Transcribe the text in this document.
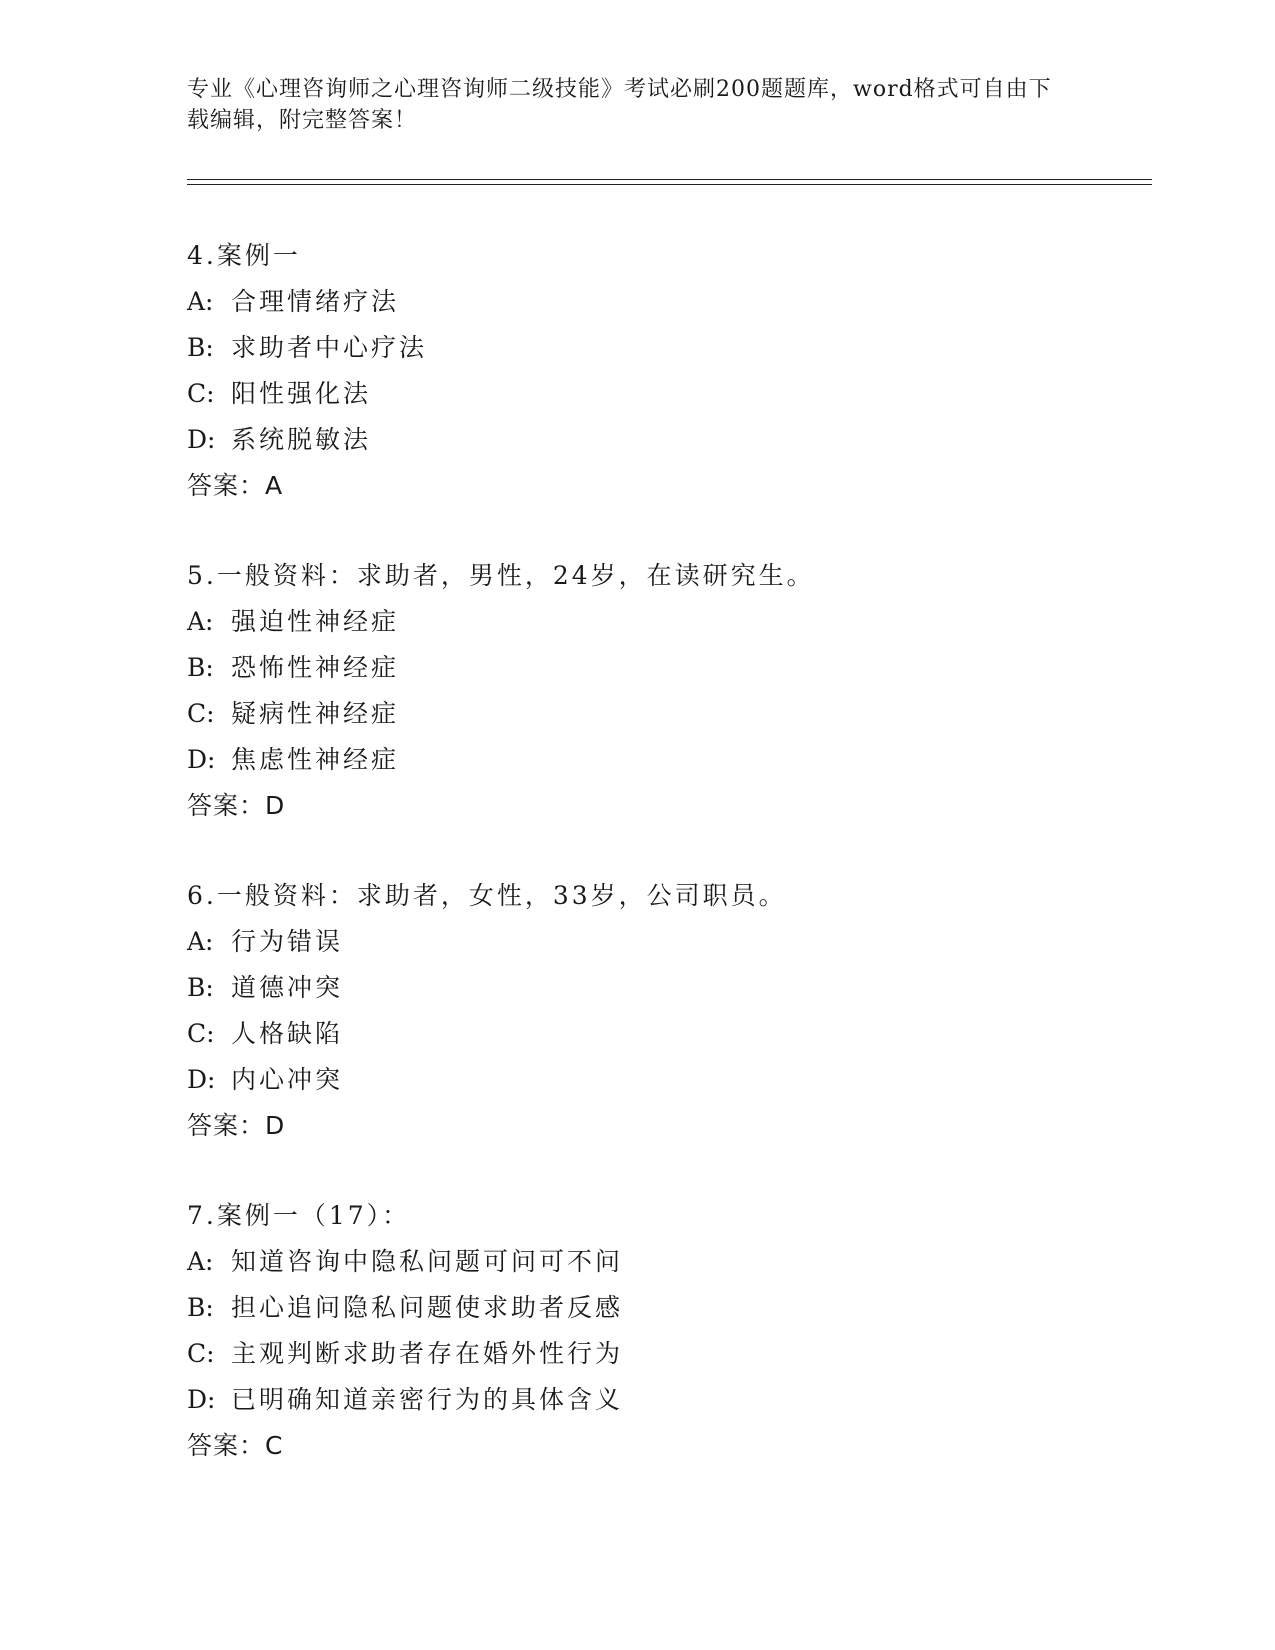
专业《心理咨询师之心理咨询师二级技能》考试必刷200题题库，word格式可自由下载编辑，附完整答案！
4.案例一
A: 合理情绪疗法
B: 求助者中心疗法
C: 阳性强化法
D: 系统脱敏法
答案：A
5.一般资料：求助者，男性，24岁，在读研究生。
A: 强迫性神经症
B: 恐怖性神经症
C: 疑病性神经症
D: 焦虑性神经症
答案：D
6.一般资料：求助者，女性，33岁，公司职员。
A: 行为错误
B: 道德冲突
C: 人格缺陷
D: 内心冲突
答案：D
7.案例一（17）：
A: 知道咨询中隐私问题可问可不问
B: 担心追问隐私问题使求助者反感
C: 主观判断求助者存在婚外性行为
D: 已明确知道亲密行为的具体含义
答案：C
